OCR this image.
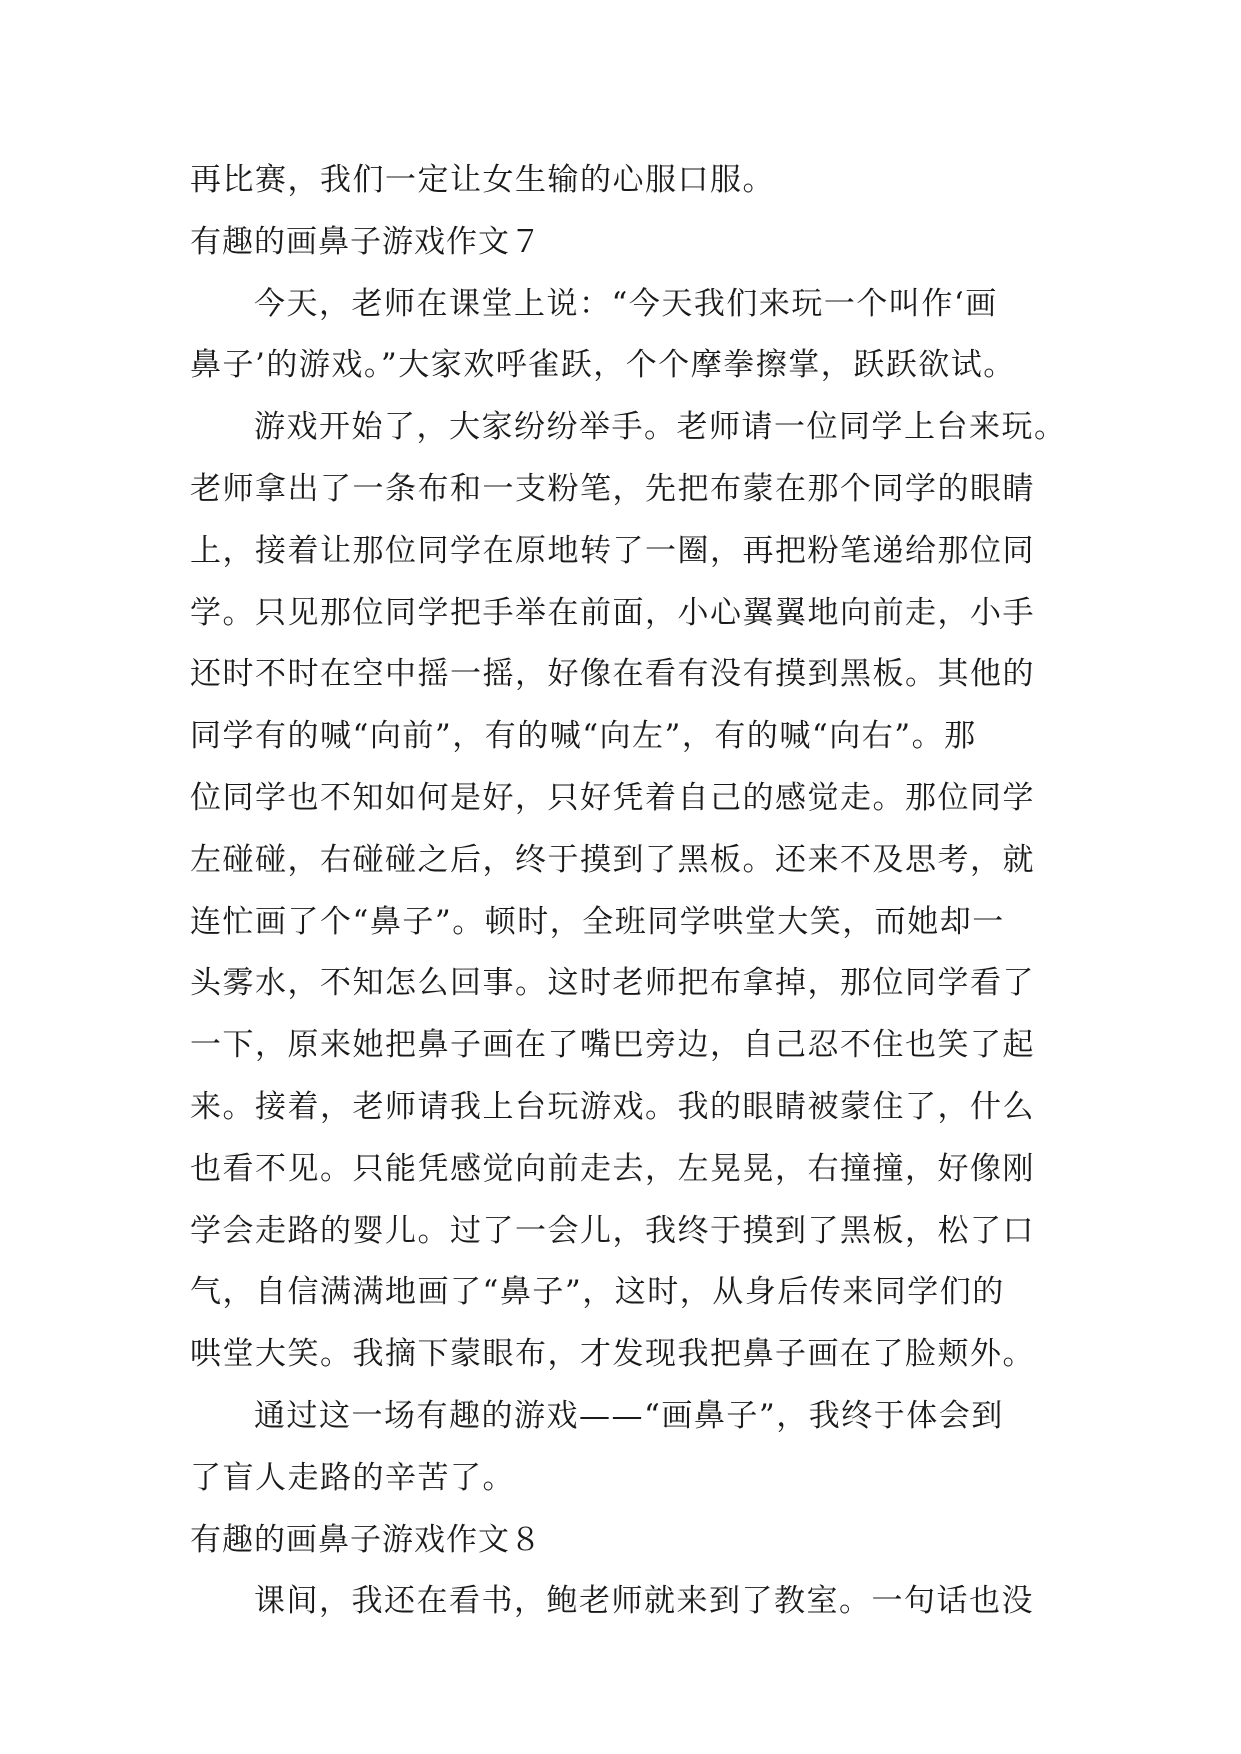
再比赛，我们一定让女生输的心服口服。
有趣的画鼻子游戏作文７
今天，老师在课堂上说：“今天我们来玩一个叫作‘画
鼻子’的游戏。”大家欢呼雀跃，个个摩拳擦掌，跃跃欲试。
游戏开始了，大家纷纷举手。老师请一位同学上台来玩。
老师拿出了一条布和一支粉笔，先把布蒙在那个同学的眼睛
上，接着让那位同学在原地转了一圈，再把粉笔递给那位同
学。只见那位同学把手举在前面，小心翼翼地向前走，小手
还时不时在空中摇一摇，好像在看有没有摸到黑板。其他的
同学有的喊“向前”，有的喊“向左”，有的喊“向右”。那
位同学也不知如何是好，只好凭着自己的感觉走。那位同学
左碰碰，右碰碰之后，终于摸到了黑板。还来不及思考，就
连忙画了个“鼻子”。顿时，全班同学哄堂大笑，而她却一
头雾水，不知怎么回事。这时老师把布拿掉，那位同学看了
一下，原来她把鼻子画在了嘴巴旁边，自己忍不住也笑了起
来。接着，老师请我上台玩游戏。我的眼睛被蒙住了，什么
也看不见。只能凭感觉向前走去，左晃晃，右撞撞，好像刚
学会走路的婴儿。过了一会儿，我终于摸到了黑板，松了口
气，自信满满地画了“鼻子”，这时，从身后传来同学们的
哄堂大笑。我摘下蒙眼布，才发现我把鼻子画在了脸颊外。
通过这一场有趣的游戏——“画鼻子”，我终于体会到
了盲人走路的辛苦了。
有趣的画鼻子游戏作文８
课间，我还在看书，鲍老师就来到了教室。一句话也没
